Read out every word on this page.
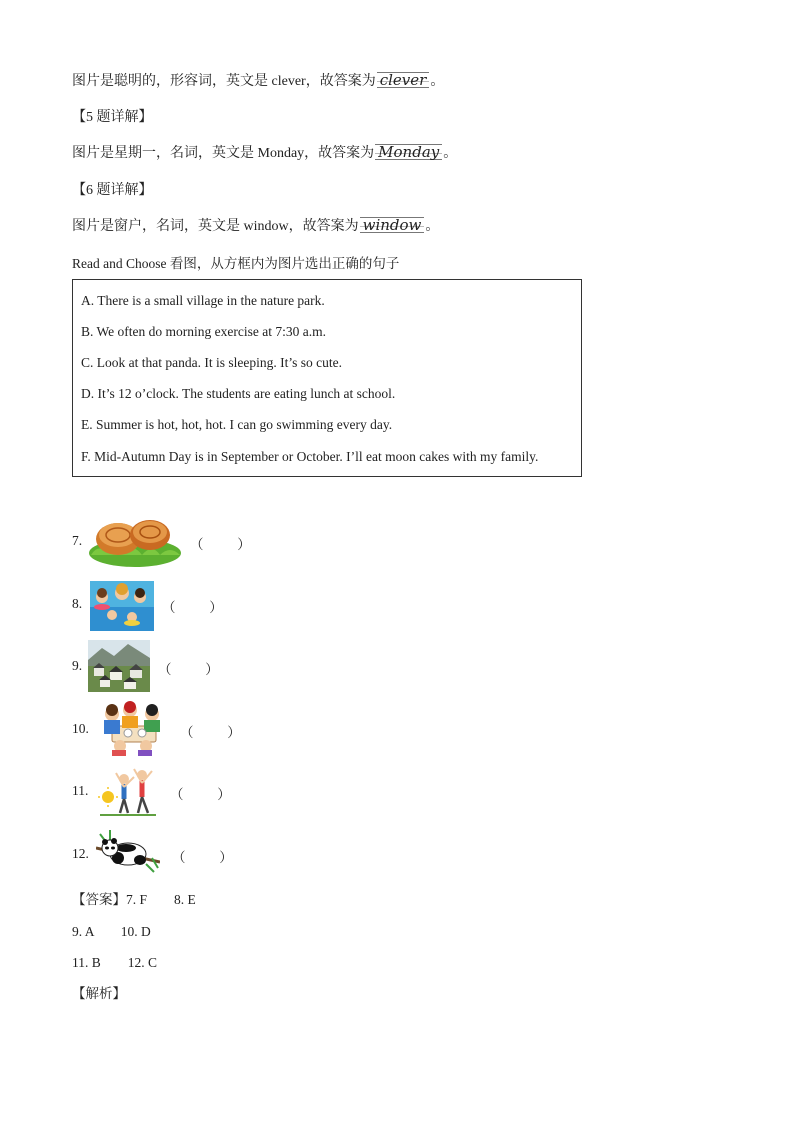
图片是聪明的，形容词，英文是 clever，故答案为 clever 。
【5 题详解】
图片是星期一，名词，英文是 Monday，故答案为 Monday 。
【6 题详解】
图片是窗户，名词，英文是 window，故答案为 window 。
Read and Choose 看图，从方框内为图片选出正确的句子
A. There is a small village in the nature park.
B. We often do morning exercise at 7:30 a.m.
C. Look at that panda. It is sleeping. It’s so cute.
D. It’s 12 o’clock. The students are eating lunch at school.
E. Summer is hot, hot, hot. I can go swimming every day.
F. Mid-Autumn Day is in September or October. I’ll eat moon cakes with my family.
7.	（          ）
8.	（          ）
9.	（          ）
10.	（          ）
11.	（          ）
12.	（          ）
【答案】7. F        8. E
9. A        10. D
11. B        12. C
【解析】
